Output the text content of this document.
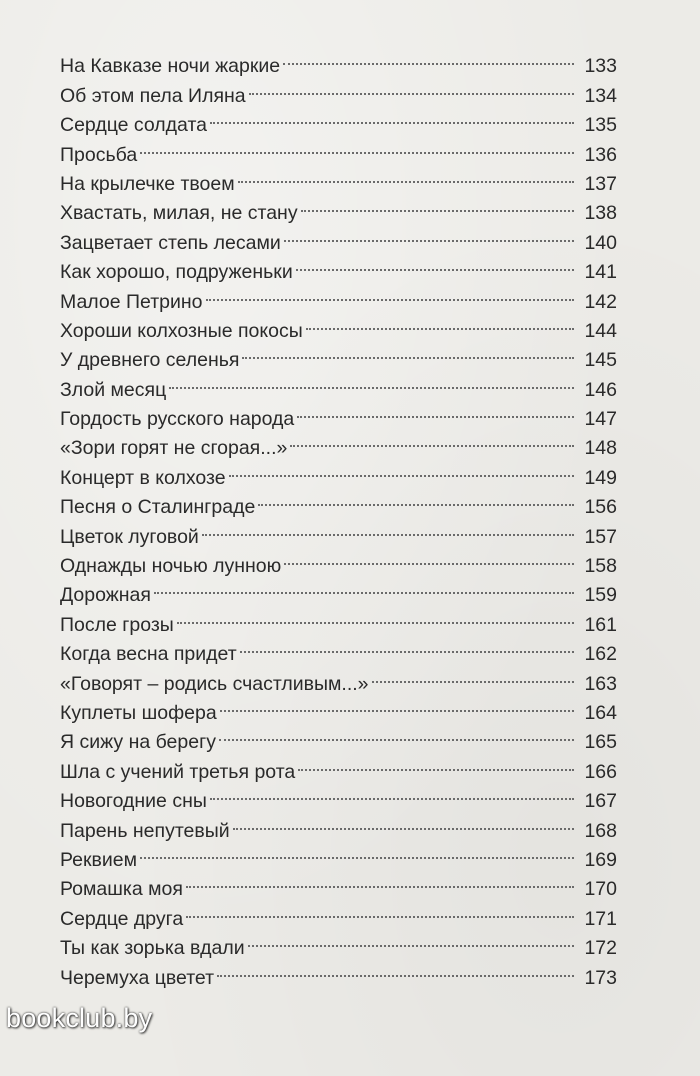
На Кавказе ночи жаркие	133
Об этом пела Иляна	134
Сердце солдата	135
Просьба	136
На крылечке твоем	137
Хвастать, милая, не стану	138
Зацветает степь лесами	140
Как хорошо, подруженьки	141
Малое Петрино	142
Хороши колхозные покосы	144
У древнего селенья	145
Злой месяц	146
Гордость русского народа	147
«Зори горят не сгорая...»	148
Концерт в колхозе	149
Песня о Сталинграде	156
Цветок луговой	157
Однажды ночью лунною	158
Дорожная	159
После грозы	161
Когда весна придет	162
«Говорят – родись счастливым...»	163
Куплеты шофера	164
Я сижу на берегу	165
Шла с учений третья рота	166
Новогодние сны	167
Парень непутевый	168
Реквием	169
Ромашка моя	170
Сердце друга	171
Ты как зорька вдали	172
Черемуха цветет	173
bookclub.by
